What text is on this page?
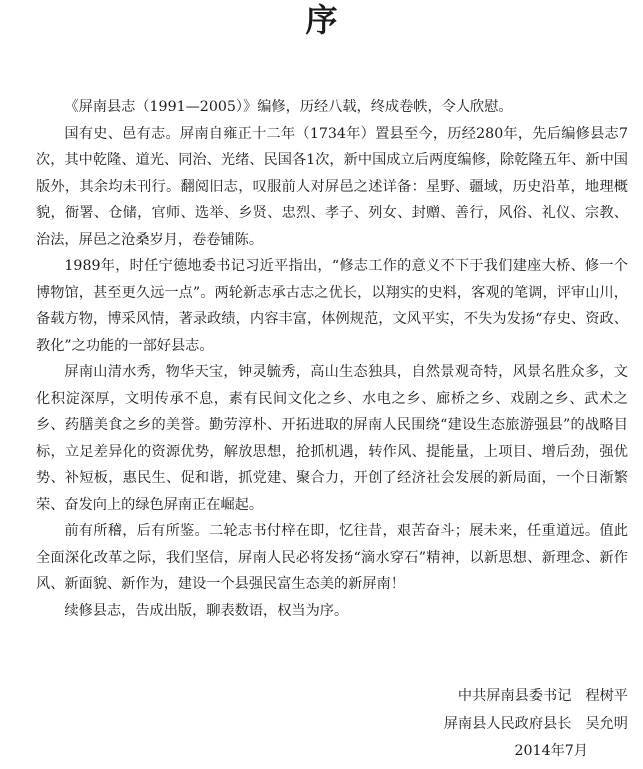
序

《屏南县志（1991—2005）》编修，历经八载，终成卷帙，令人欣慰。

国有史、邑有志。屏南自雍正十二年（1734年）置县至今，历经280年，先后编修县志7次，其中乾隆、道光、同治、光绪、民国各1次，新中国成立后两度编修，除乾隆五年、新中国版外，其余均未刊行。翻阅旧志，叹服前人对屏邑之述详备：星野、疆域，历史沿革，地理概貌，衙署、仓储，官师、选举、乡贤、忠烈、孝子、列女、封赠、善行，风俗、礼仪、宗教、治法，屏邑之沧桑岁月，卷卷铺陈。

1989年，时任宁德地委书记习近平指出，“修志工作的意义不下于我们建座大桥、修一个博物馆，甚至更久远一点”。两轮新志承古志之优长，以翔实的史料，客观的笔调，评审山川，备载方物，博采风情，著录政绩，内容丰富，体例规范，文风平实，不失为发扬“存史、资政、教化”之功能的一部好县志。

屏南山清水秀，物华天宝，钟灵毓秀，高山生态独具，自然景观奇特，风景名胜众多，文化积淀深厚，文明传承不息，素有民间文化之乡、水电之乡、廊桥之乡、戏剧之乡、武术之乡、药膳美食之乡的美誉。勤劳淳朴、开拓进取的屏南人民围绕“建设生态旅游强县”的战略目标，立足差异化的资源优势，解放思想，抢抓机遇，转作风、提能量，上项目、增后劲，强优势、补短板，惠民生、促和谐，抓党建、聚合力，开创了经济社会发展的新局面，一个日渐繁荣、奋发向上的绿色屏南正在崛起。

前有所稽，后有所鉴。二轮志书付梓在即，忆往昔，艰苦奋斗；展未来，任重道远。值此全面深化改革之际，我们坚信，屏南人民必将发扬“滴水穿石”精神，以新思想、新理念、新作风、新面貌、新作为，建设一个县强民富生态美的新屏南！

续修县志，告成出版，聊表数语，权当为序。

中共屏南县委书记 程树平
屏南县人民政府县长 吴允明
2014年7月
